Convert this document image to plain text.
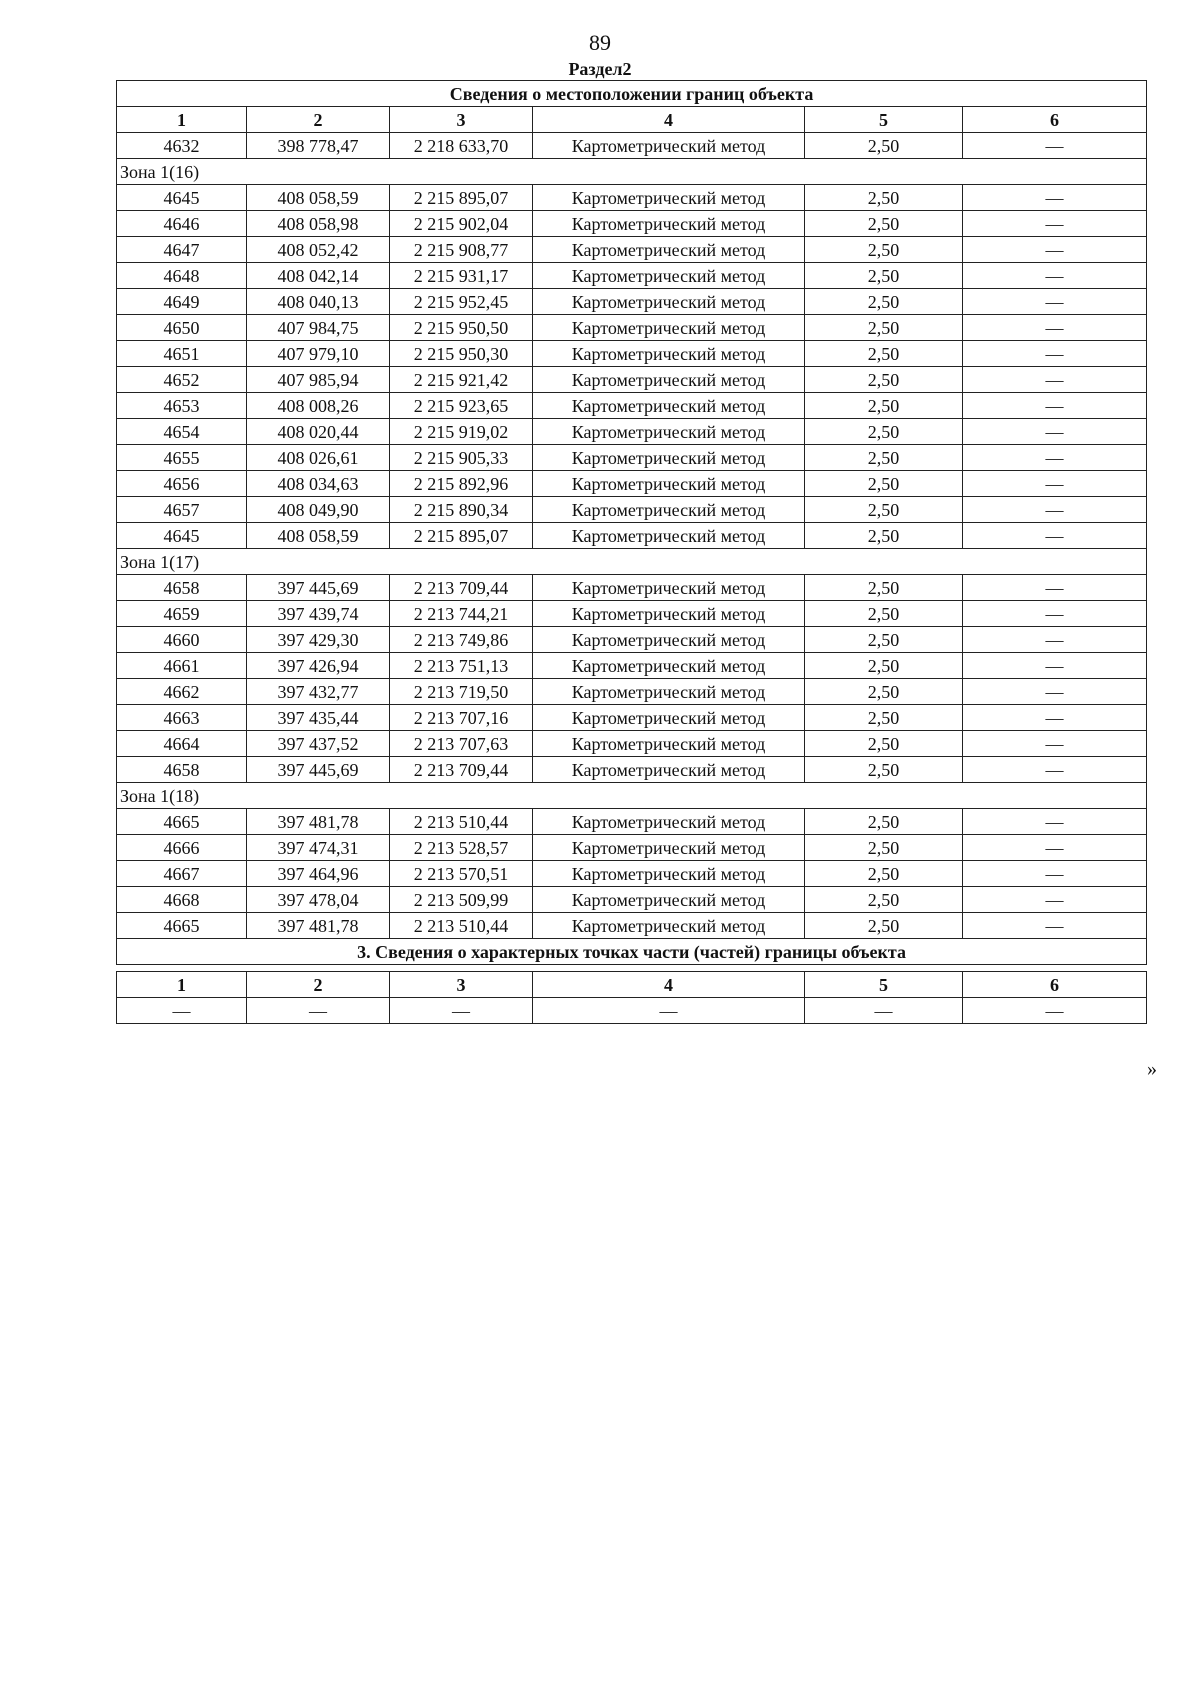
89
Раздел2
Сведения о местоположении границ объекта					
1	2	3	4	5	6
4632	398 778,47	2 218 633,70	Картометрический метод	2,50	—
Зона 1(16)					
4645	408 058,59	2 215 895,07	Картометрический метод	2,50	—
4646	408 058,98	2 215 902,04	Картометрический метод	2,50	—
4647	408 052,42	2 215 908,77	Картометрический метод	2,50	—
4648	408 042,14	2 215 931,17	Картометрический метод	2,50	—
4649	408 040,13	2 215 952,45	Картометрический метод	2,50	—
4650	407 984,75	2 215 950,50	Картометрический метод	2,50	—
4651	407 979,10	2 215 950,30	Картометрический метод	2,50	—
4652	407 985,94	2 215 921,42	Картометрический метод	2,50	—
4653	408 008,26	2 215 923,65	Картометрический метод	2,50	—
4654	408 020,44	2 215 919,02	Картометрический метод	2,50	—
4655	408 026,61	2 215 905,33	Картометрический метод	2,50	—
4656	408 034,63	2 215 892,96	Картометрический метод	2,50	—
4657	408 049,90	2 215 890,34	Картометрический метод	2,50	—
4645	408 058,59	2 215 895,07	Картометрический метод	2,50	—
Зона 1(17)					
4658	397 445,69	2 213 709,44	Картометрический метод	2,50	—
4659	397 439,74	2 213 744,21	Картометрический метод	2,50	—
4660	397 429,30	2 213 749,86	Картометрический метод	2,50	—
4661	397 426,94	2 213 751,13	Картометрический метод	2,50	—
4662	397 432,77	2 213 719,50	Картометрический метод	2,50	—
4663	397 435,44	2 213 707,16	Картометрический метод	2,50	—
4664	397 437,52	2 213 707,63	Картометрический метод	2,50	—
4658	397 445,69	2 213 709,44	Картометрический метод	2,50	—
Зона 1(18)					
4665	397 481,78	2 213 510,44	Картометрический метод	2,50	—
4666	397 474,31	2 213 528,57	Картометрический метод	2,50	—
4667	397 464,96	2 213 570,51	Картометрический метод	2,50	—
4668	397 478,04	2 213 509,99	Картометрический метод	2,50	—
4665	397 481,78	2 213 510,44	Картометрический метод	2,50	—
3. Сведения о характерных точках части (частей) границы объекта					
1	2	3	4	5	6
—	—	—	—	—	—
»
